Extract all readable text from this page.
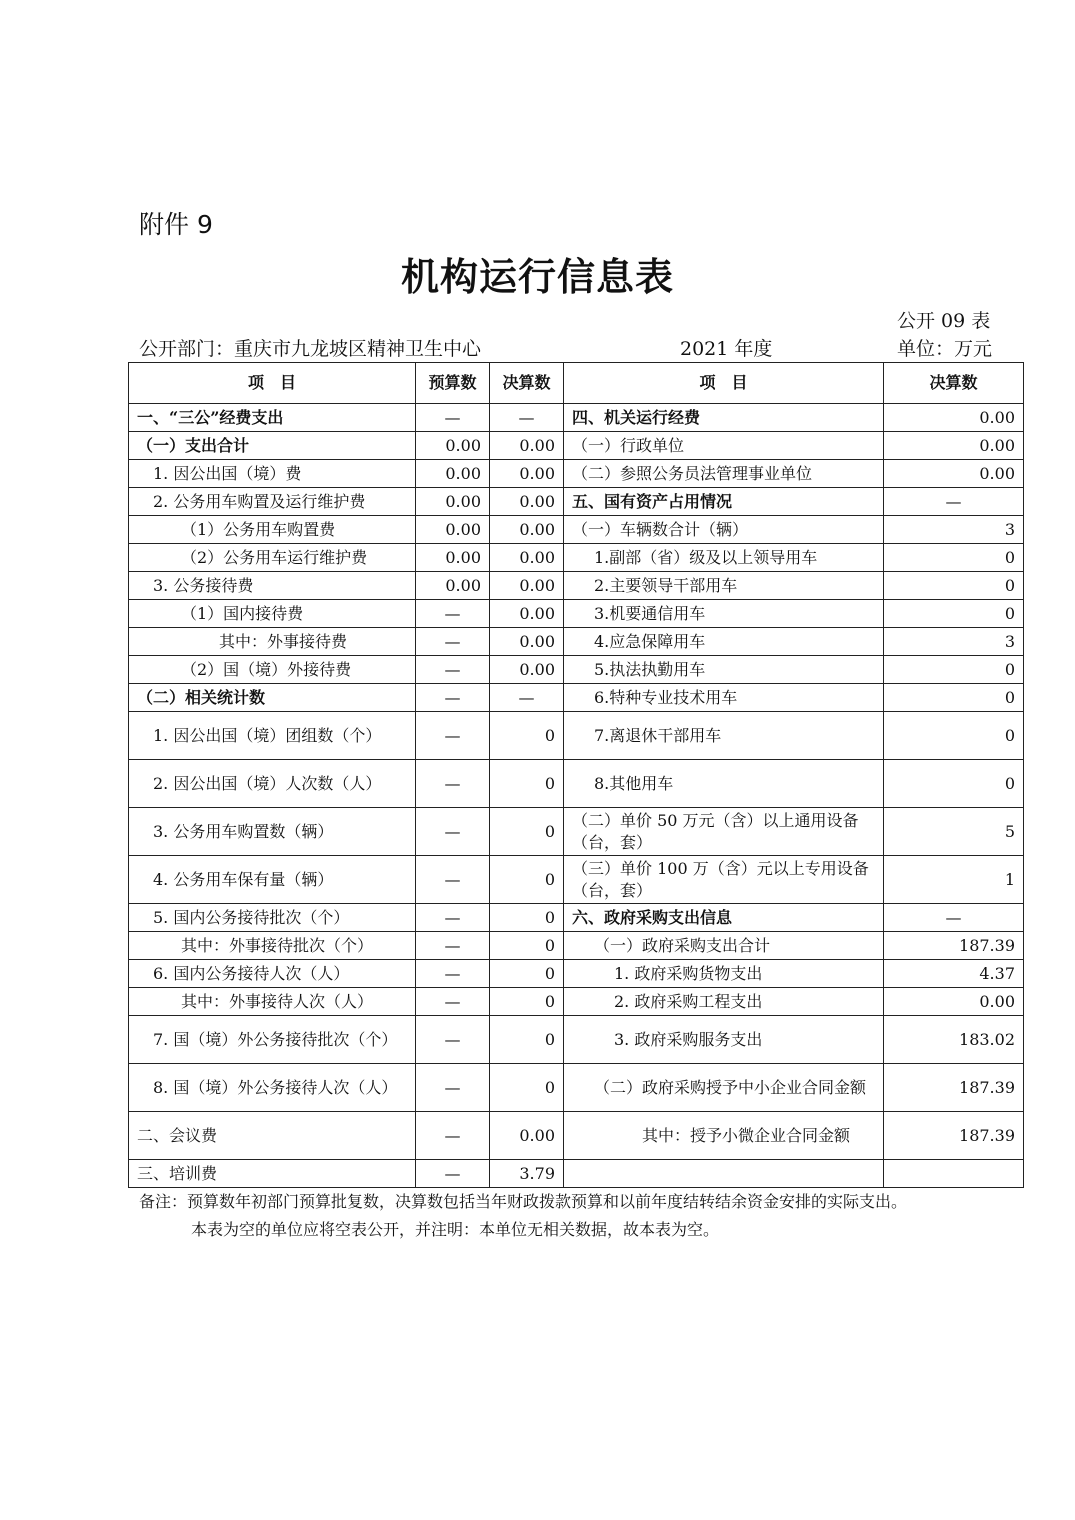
附件 9
机构运行信息表
公开 09 表
公开部门：重庆市九龙坡区精神卫生中心	2021 年度	单位：万元
项　目	预算数	决算数	项　目	决算数
一、“三公”经费支出	—	—	四、机关运行经费	0.00
（一）支出合计	0.00	0.00	（一）行政单位	0.00
1. 因公出国（境）费	0.00	0.00	（二）参照公务员法管理事业单位	0.00
2. 公务用车购置及运行维护费	0.00	0.00	五、国有资产占用情况	—
（1）公务用车购置费	0.00	0.00	（一）车辆数合计（辆）	3
（2）公务用车运行维护费	0.00	0.00	1.副部（省）级及以上领导用车	0
3. 公务接待费	0.00	0.00	2.主要领导干部用车	0
（1）国内接待费	—	0.00	3.机要通信用车	0
其中：外事接待费	—	0.00	4.应急保障用车	3
（2）国（境）外接待费	—	0.00	5.执法执勤用车	0
（二）相关统计数	—	—	6.特种专业技术用车	0
1. 因公出国（境）团组数（个）	—	0	7.离退休干部用车	0
2. 因公出国（境）人次数（人）	—	0	8.其他用车	0
3. 公务用车购置数（辆）	—	0	（二）单价 50 万元（含）以上通用设备（台，套）	5
4. 公务用车保有量（辆）	—	0	（三）单价 100 万（含）元以上专用设备（台，套）	1
5. 国内公务接待批次（个）	—	0	六、政府采购支出信息	—
其中：外事接待批次（个）	—	0	（一）政府采购支出合计	187.39
6. 国内公务接待人次（人）	—	0	1. 政府采购货物支出	4.37
其中：外事接待人次（人）	—	0	2. 政府采购工程支出	0.00
7. 国（境）外公务接待批次（个）	—	0	3. 政府采购服务支出	183.02
8. 国（境）外公务接待人次（人）	—	0	（二）政府采购授予中小企业合同金额	187.39
二、会议费	—	0.00	其中：授予小微企业合同金额	187.39
三、培训费	—	3.79		
备注：预算数年初部门预算批复数，决算数包括当年财政拨款预算和以前年度结转结余资金安排的实际支出。
本表为空的单位应将空表公开，并注明：本单位无相关数据，故本表为空。
